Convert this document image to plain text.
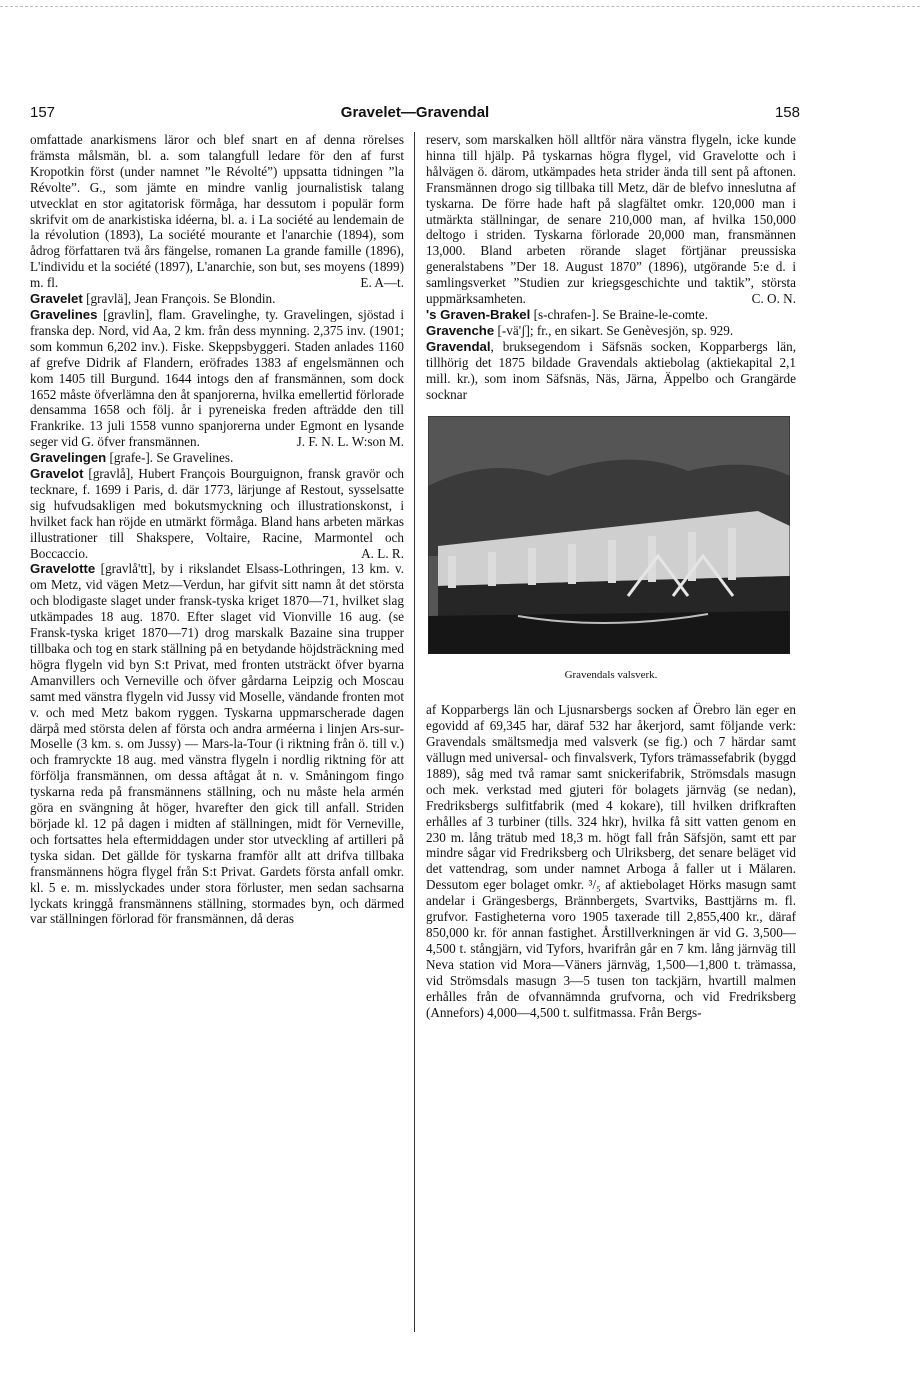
157	Gravelet—Gravendal	158

omfattade anarkismens läror och blef snart en af denna rörelses främsta målsmän, bl. a. som talangfull ledare för den af furst Kropotkin först (under namnet ”le Révolté”) uppsatta tidningen ”la Révolte”. G., som jämte en mindre vanlig journalistisk talang utvecklat en stor agitatorisk förmåga, har dessutom i populär form skrifvit om de anarkistiska idéerna, bl. a. i La société au lendemain de la révolution (1893), La société mourante et l'anarchie (1894), som ådrog författaren tvä års fängelse, romanen La grande famille (1896), L'individu et la société (1897), L'anarchie, son but, ses moyens (1899) m. fl.	E. A—t.

Gravelet [gravlä], Jean François. Se Blondin.

Gravelines [gravlin], flam. Gravelinghe, ty. Gravelingen, sjöstad i franska dep. Nord, vid Aa, 2 km. från dess mynning. 2,375 inv. (1901; som kommun 6,202 inv.). Fiske. Skeppsbyggeri. Staden anlades 1160 af grefve Didrik af Flandern, eröfrades 1383 af engelsmännen och kom 1405 till Burgund. 1644 intogs den af fransmännen, som dock 1652 måste öfverlämna den åt spanjorerna, hvilka emellertid förlorade densamma 1658 och följ. år i pyreneiska freden afträdde den till Frankrike. 13 juli 1558 vunno spanjorerna under Egmont en lysande seger vid G. öfver fransmännen.	J. F. N. L. W:son M.

Gravelingen [grafe-]. Se Gravelines.

Gravelot [gravlå], Hubert François Bourguignon, fransk gravör och tecknare, f. 1699 i Paris, d. där 1773, lärjunge af Restout, sysselsatte sig hufvudsakligen med bokutsmyckning och illustrationskonst, i hvilket fack han röjde en utmärkt förmåga. Bland hans arbeten märkas illustrationer till Shakspere, Voltaire, Racine, Marmontel och Boccaccio.	A. L. R.

Gravelotte [gravlå'tt], by i rikslandet Elsass-Lothringen, 13 km. v. om Metz, vid vägen Metz—Verdun, har gifvit sitt namn åt det största och blodigaste slaget under fransk-tyska kriget 1870—71, hvilket slag utkämpades 18 aug. 1870. Efter slaget vid Vionville 16 aug. (se Fransk-tyska kriget 1870—71) drog marskalk Bazaine sina trupper tillbaka och tog en stark ställning på en betydande höjdsträckning med högra flygeln vid byn S:t Privat, med fronten utsträckt öfver byarna Amanvillers och Verneville och öfver gårdarna Leipzig och Moscau samt med vänstra flygeln vid Jussy vid Moselle, vändande fronten mot v. och med Metz bakom ryggen. Tyskarna uppmarscherade dagen därpå med största delen af första och andra arméerna i linjen Ars-sur-Moselle (3 km. s. om Jussy) — Mars-la-Tour (i riktning från ö. till v.) och framryckte 18 aug. med vänstra flygeln i nordlig riktning för att förfölja fransmännen, om dessa aftågat åt n. v. Småningom fingo tyskarna reda på fransmännens ställning, och nu måste hela armén göra en svängning åt höger, hvarefter den gick till anfall. Striden började kl. 12 på dagen i midten af ställningen, midt för Verneville, och fortsattes hela eftermiddagen under stor utveckling af artilleri på tyska sidan. Det gällde för tyskarna framför allt att drifva tillbaka fransmännens högra flygel från S:t Privat. Gardets första anfall omkr. kl. 5 e. m. misslyckades under stora förluster, men sedan sachsarna lyckats kringgå fransmännens ställning, stormades byn, och därmed var ställningen förlorad för fransmännen, då deras

reserv, som marskalken höll alltför nära vänstra flygeln, icke kunde hinna till hjälp. På tyskarnas högra flygel, vid Gravelotte och i hålvägen ö. därom, utkämpades heta strider ända till sent på aftonen. Fransmännen drogo sig tillbaka till Metz, där de blefvo inneslutna af tyskarna. De förre hade haft på slagfältet omkr. 120,000 man i utmärkta ställningar, de senare 210,000 man, af hvilka 150,000 deltogo i striden. Tyskarna förlorade 20,000 man, fransmännen 13,000. Bland arbeten rörande slaget förtjänar preussiska generalstabens ”Der 18. August 1870” (1896), utgörande 5:e d. i samlingsverket ”Studien zur kriegsgeschichte und taktik”, största uppmärksamheten.	C. O. N.

's Graven-Brakel [s-chrafen-]. Se Braine-le-comte.

Gravenche [-vä'ʃ]; fr., en sikart. Se Genèvesjön, sp. 929.

Gravendal, bruksegendom i Säfsnäs socken, Kopparbergs län, tillhörig det 1875 bildade Gravendals aktiebolag (aktiekapital 2,1 mill. kr.), som inom Säfsnäs, Näs, Järna, Äppelbo och Grangärde socknar

Gravendals valsverk.

af Kopparbergs län och Ljusnarsbergs socken af Örebro län eger en egovidd af 69,345 har, däraf 532 har åkerjord, samt följande verk: Gravendals smältsmedja med valsverk (se fig.) och 7 härdar samt vällugn med universal- och finvalsverk, Tyfors trämassefabrik (byggd 1889), såg med två ramar samt snickerifabrik, Strömsdals masugn och mek. verkstad med gjuteri för bolagets järnväg (se nedan), Fredriksbergs sulfitfabrik (med 4 kokare), till hvilken drifkraften erhålles af 3 turbiner (tills. 324 hkr), hvilka få sitt vatten genom en 230 m. lång trätub med 18,3 m. högt fall från Säfsjön, samt ett par mindre sågar vid Fredriksberg och Ulriksberg, det senare beläget vid det vattendrag, som under namnet Arboga å faller ut i Mälaren. Dessutom eger bolaget omkr. ³/₅ af aktiebolaget Hörks masugn samt andelar i Grängesbergs, Brännbergets, Svartviks, Basttjärns m. fl. grufvor. Fastigheterna voro 1905 taxerade till 2,855,400 kr., däraf 850,000 kr. för annan fastighet. Årstillverkningen är vid G. 3,500—4,500 t. stångjärn, vid Tyfors, hvarifrån går en 7 km. lång järnväg till Neva station vid Mora—Väners järnväg, 1,500—1,800 t. trämassa, vid Strömsdals masugn 3—5 tusen ton tackjärn, hvartill malmen erhålles från de ofvannämnda grufvorna, och vid Fredriksberg (Annefors) 4,000—4,500 t. sulfitmassa. Från Bergs-
